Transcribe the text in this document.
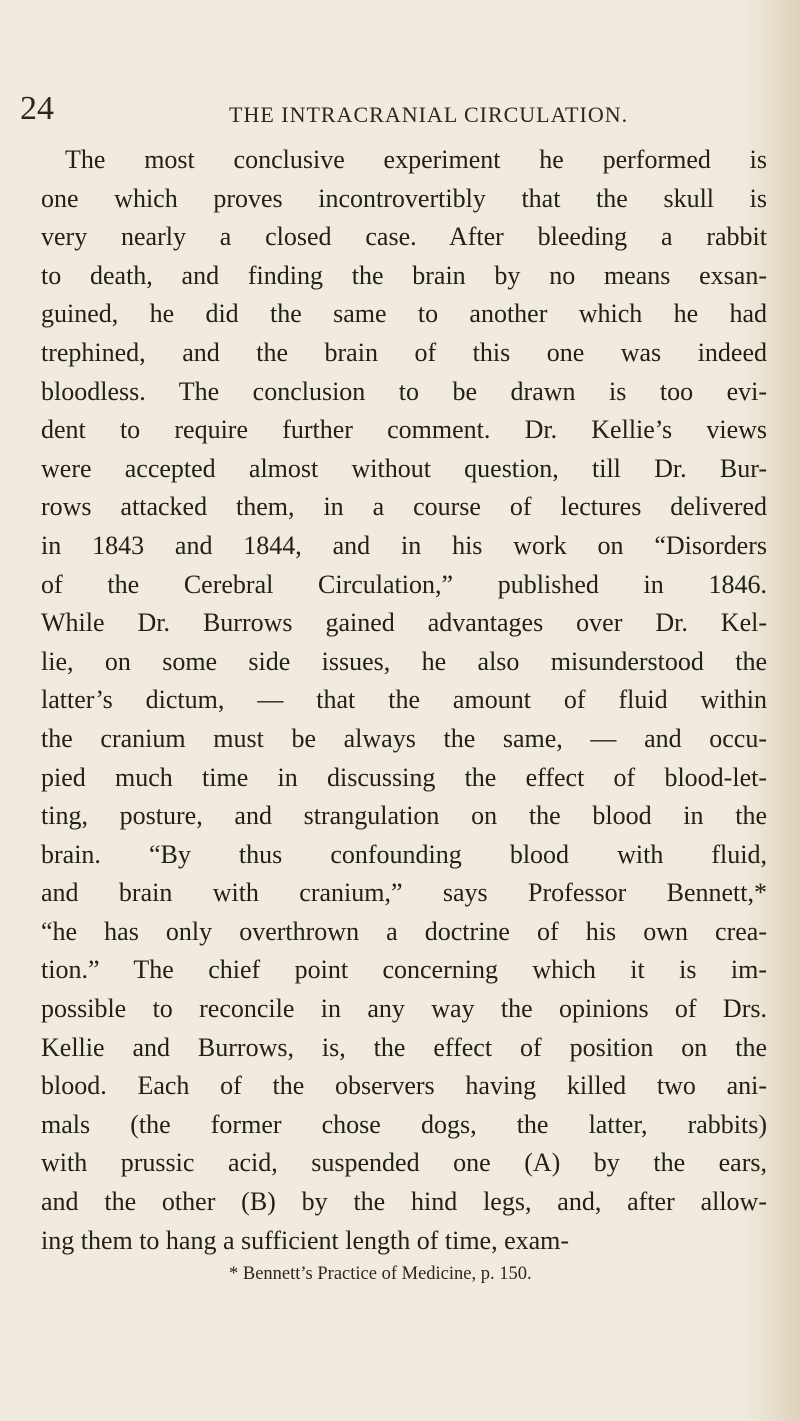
24	THE INTRACRANIAL CIRCULATION.
The most conclusive experiment he performed is
one which proves incontrovertibly that the skull is
very nearly a closed case. After bleeding a rabbit
to death, and finding the brain by no means exsan-
guined, he did the same to another which he had
trephined, and the brain of this one was indeed
bloodless. The conclusion to be drawn is too evi-
dent to require further comment. Dr. Kellie’s views
were accepted almost without question, till Dr. Bur-
rows attacked them, in a course of lectures delivered
in 1843 and 1844, and in his work on “Disorders
of the Cerebral Circulation,” published in 1846.
While Dr. Burrows gained advantages over Dr. Kel-
lie, on some side issues, he also misunderstood the
latter’s dictum, — that the amount of fluid within
the cranium must be always the same, — and occu-
pied much time in discussing the effect of blood-let-
ting, posture, and strangulation on the blood in the
brain. “By thus confounding blood with fluid,
and brain with cranium,” says Professor Bennett,*
“he has only overthrown a doctrine of his own crea-
tion.” The chief point concerning which it is im-
possible to reconcile in any way the opinions of Drs.
Kellie and Burrows, is, the effect of position on the
blood. Each of the observers having killed two ani-
mals (the former chose dogs, the latter, rabbits)
with prussic acid, suspended one (A) by the ears,
and the other (B) by the hind legs, and, after allow-
ing them to hang a sufficient length of time, exam-
* Bennett’s Practice of Medicine, p. 150.
